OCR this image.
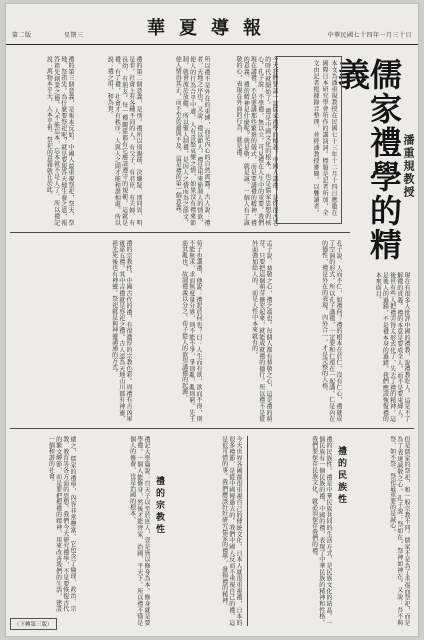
第二版	星期三	華夏導報	中華民國七十四年一月三十日
儒家禮學的精義
潘重規教授
本文為潘重規教授在民國七十三年十二月十四日應邀在國際日本研究學會所作的講演詞。標題是記者所加，全文由記者根據錄音整理，並經潘教授審閱。以饗讀者。
今天我們要談一談儒家禮學的精義。中國人講禮，是從很古老的時代就開始了。禮是中國文化的根本，也是儒家思想的核心。孔子說：不學禮，無以立。可見禮在人生中的重要。我們現在講禮，不是要講那些繁瑣的儀式，而是要講禮的精神，禮的意義。禮的精神是什麼呢？就是敬，就是誠。一個人有了誠敬的心，表現在外面的行為，就是禮。
所以禮不是外在的束縛，而是內心的自然流露。古人說：禮者，天地之序也。又說：禮以節人。禮是用來節制人的情欲，使人的行為合乎中道。人有喜怒哀樂之情，如果沒有禮來節制，就會流於放縱。所以聖人制禮，是因人之情而為之節文，使人情得其正，而不至於過與不及。這是禮的第一個意義。
禮的第二個意義，是別。禮所以別親疏、決嫌疑、別同異、明是非。社會上有各種不同的人，有父子、有君臣、有夫婦、有長幼、有朋友。每一種關係都有它應該遵守的規範，這就是禮。有了禮，社會才有秩序，人與人之間才能和諧相處。所以說：禮之用，和為貴。
禮的第三個意義，是報本反始。中國人最重視祭祀，祭天、祭地、祭祖先。為什麼要祭祀呢？就是要報答天地生養之恩，報答祖先創業之德。人不能忘本，忘本就不是人了。所以禮記說：萬物本乎天，人本乎祖。祭祀的意義就在於此。
現在有很多人批評中國的禮教，說禮教吃人。這是不了解禮的真義。禮的本意是要成全人，而不是要束縛人。後世有些人把禮弄得太形式化了，失去了禮的精神，這是後人的過錯，不是禮本身的過錯。我們應該恢復禮的本來面目。
孔子說：人而不仁，如禮何？禮的根本在於仁。沒有仁心，禮就成了空洞的形式。所以孔子講禮，一定要和仁連在一起講。仁是內在的德性，禮是外在的表現。內外合一，才是完整的人格。
孟子說：恭敬之心，禮之端也。每個人都有恭敬之心，這是禮的萌芽。只要把這個萌芽擴充起來，就能成就禮的德行。所以禮不是從外面強加給人的，而是人性中本來就有的。
荀子也講禮，他說：禮起於何也？曰：人生而有欲，欲而不得，則不能無求，求而無度量分界，則不能不爭，爭則亂，亂則窮。先王惡其亂也，故制禮義以分之。荀子從人的欲望講禮的起源。
禮的宗教性。中國古代的禮，有很濃厚的宗教色彩。周禮有吉凶軍賓嘉五禮，其中吉禮就是祭祀之禮。古人認為天地山川都有神靈，祖先死後也有神靈。祭祀就是與神靈溝通的方式。
但是儒家的祭祀，和一般宗教不同。儒家不是為了求福而祭祀，而是為了表達誠敬之心。孔子說：祭如在，祭神如神在。又說：吾不與祭，如不祭。祭祀最重要的是誠心。
禮的民族性
禮的民族性。禮是中華民族共同的生活方式，是民族文化的結晶。一個民族有一個民族的禮，中國的禮，表現了中華民族的精神和性格。我們要保存民族文化，就必須保存我們的禮。
今天世界各國都很重視自己的傳統文化。日本人就很重視禮，日本的很多禮節，是從中國傳過去的。我們中國人反而不重視自己的禮，這是很可惜的事。我們應該好好研究儒家的禮學，發揚禮的精神。
禮的宗教性
禮記大學篇說：自天子以至於庶人，壹是皆以修身為本。修身就是要學禮。一個人能修身，然後才能齊家、治國、平天下。所以禮不僅是個人的修養，也是治國的根本。
總之，儒家的禮學，內容非常豐富。它包含了倫理、政治、宗教、教育等各方面的思想。我們今天研究禮學，不是要恢復古代的繁文縟節，而是要把握禮的精神，用來改善我們的生活，建設一個和諧的社會。
（下轉第三版）
